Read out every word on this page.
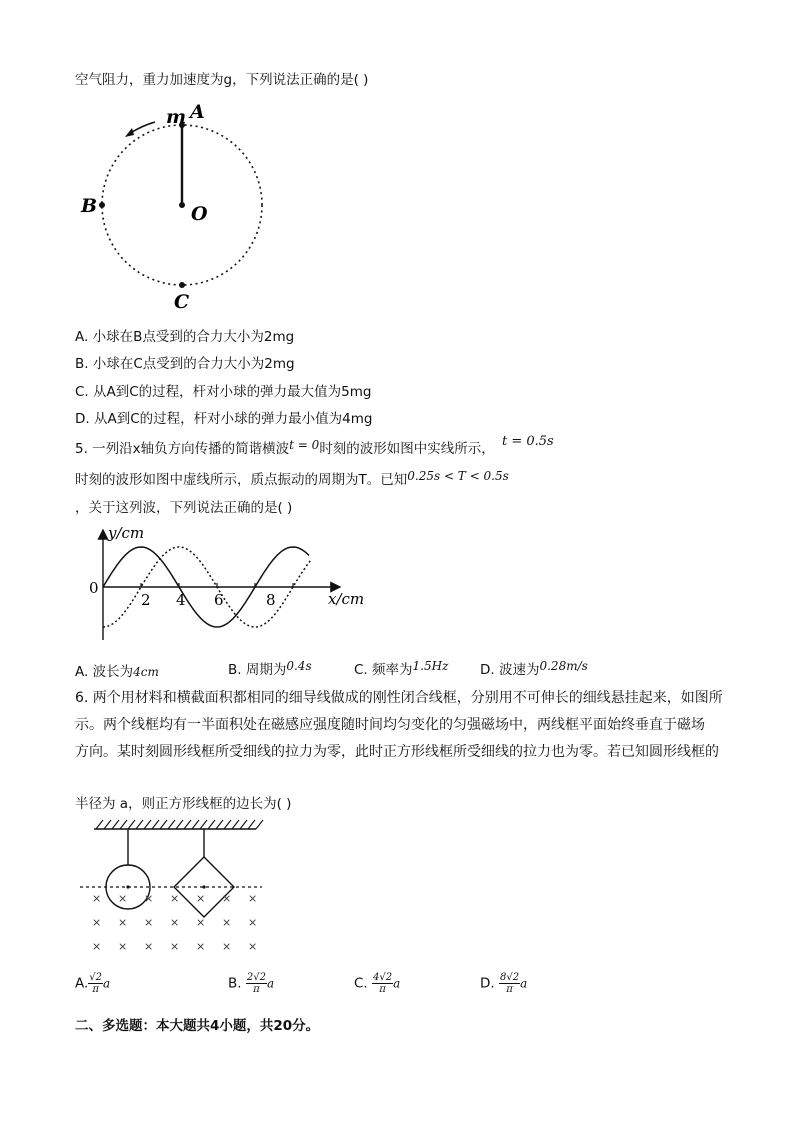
空气阻力，重力加速度为g，下列说法正确的是( )
m A
B	O
C
A. 小球在B点受到的合力大小为2mg
B. 小球在C点受到的合力大小为2mg
C. 从A到C的过程，杆对小球的弹力最大值为5mg
D. 从A到C的过程，杆对小球的弹力最小值为4mg
5. 一列沿x轴负方向传播的简谐横波t = 0时刻的波形如图中实线所示， t = 0.5s
时刻的波形如图中虚线所示，质点振动的周期为T。已知0.25s < T < 0.5s
，关于这列波，下列说法正确的是( )
y/cm
x/cm
0
2 4 6	8
A. 波长为4cm	B. 周期为0.4s	C. 频率为1.5Hz D. 波速为0.28m/s
6. 两个用材料和横截面积都相同的细导线做成的刚性闭合线框，分别用不可伸长的细线悬挂起来，如图所
示。两个线框均有一半面积处在磁感应强度随时间均匀变化的匀强磁场中，两线框平面始终垂直于磁场
方向。某时刻圆形线框所受细线的拉力为零，此时正方形线框所受细线的拉力也为零。若已知圆形线框的
半径为 a，则正方形线框的边长为( )
× × × × × × ×
× × × × × × ×
× × × × × × ×
A. $\frac{√2}{\pi}$ a	B. $\frac{2√2}{\pi}$ a	C. $\frac{4√2}{\pi}$ a	D. $\frac{8√2}{\pi}$ a
二、多选题：本大题共4小题，共20分。
